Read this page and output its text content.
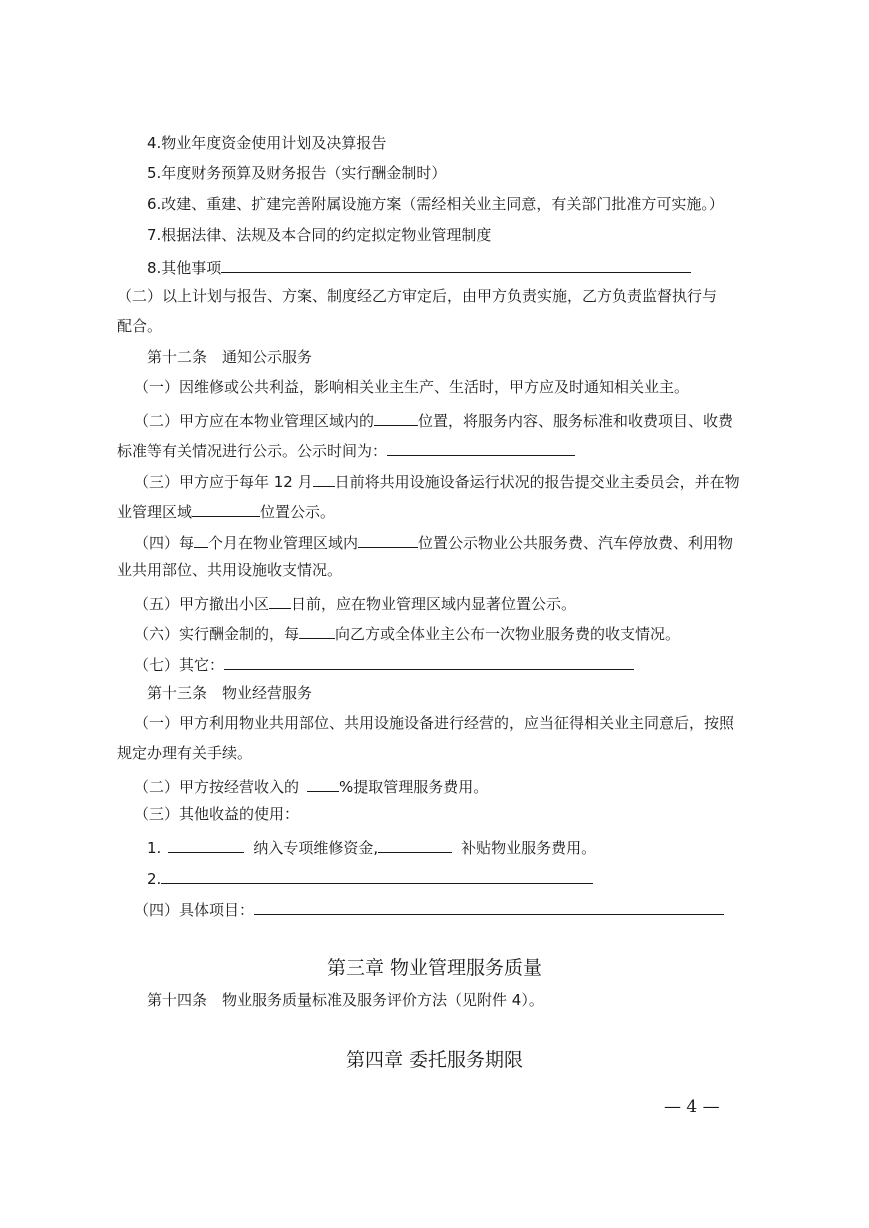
4.物业年度资金使用计划及决算报告
5.年度财务预算及财务报告（实行酬金制时）
6.改建、重建、扩建完善附属设施方案（需经相关业主同意，有关部门批准方可实施。）
7.根据法律、法规及本合同的约定拟定物业管理制度
8.其他事项
（二）以上计划与报告、方案、制度经乙方审定后，由甲方负责实施，乙方负责监督执行与
配合。
第十二条　通知公示服务
（一）因维修或公共利益，影响相关业主生产、生活时，甲方应及时通知相关业主。
（二）甲方应在本物业管理区域内的	位置，将服务内容、服务标准和收费项目、收费
标准等有关情况进行公示。公示时间为：
（三）甲方应于每年 12 月 日前将共用设施设备运行状况的报告提交业主委员会，并在物
业管理区域	位置公示。
（四）每 个月在物业管理区域内	位置公示物业公共服务费、汽车停放费、利用物
业共用部位、共用设施收支情况。
（五）甲方撤出小区 日前，应在物业管理区域内显著位置公示。
（六）实行酬金制的，每 向乙方或全体业主公布一次物业服务费的收支情况。
（七）其它：
第十三条　物业经营服务
（一）甲方利用物业共用部位、共用设施设备进行经营的，应当征得相关业主同意后，按照
规定办理有关手续。
（二）甲方按经营收入的	%提取管理服务费用。
（三）其他收益的使用：
1.	纳入专项维修资金,	补贴物业服务费用。
2.
（四）具体项目：
第三章 物业管理服务质量
第十四条　物业服务质量标准及服务评价方法（见附件 4）。
第四章 委托服务期限
— 4 —
